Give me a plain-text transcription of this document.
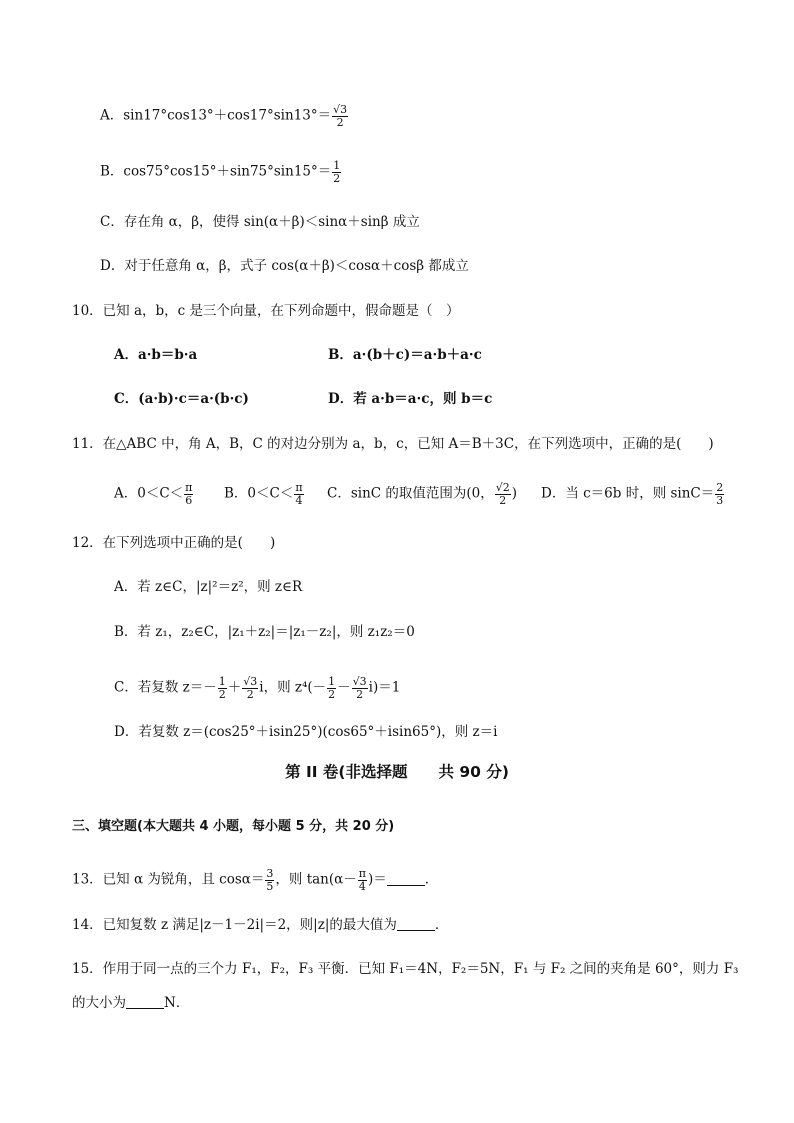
A．$\sin 17^\circ\cos 13^\circ+\cos 17^\circ\sin 13^\circ= \frac{√3}{2}$
B．$\cos 75^\circ\cos 15^\circ+\sin 75^\circ\sin 15^\circ= \frac{1}{2}$
C．存在角 α，β，使得 sin(α＋β)＜sinα＋sinβ 成立
D．对于任意角 α，β，式子 cos(α＋β)＜cosα＋cosβ 都成立
10．已知 a，b，c 是三个向量，在下列命题中，假命题是（　）
A．a·b＝b·a	B．a·(b＋c)＝a·b＋a·c
C．(a·b)·c＝a·(b·c)	D．若 a·b＝a·c，则 b＝c
11．在△ABC 中，角 A，B，C 的对边分别为 a，b，c，已知 A＝B＋3C，在下列选项中，正确的是(　　)
A．$0<C< \frac{\pi}{6}$ B．$0<C< \frac{\pi}{4}$ C．sinC 的取值范围为(0， $\frac{√2}{2}$ ) D．当 c＝6b 时，则 $\sin C= \frac{2}{3}$
12．在下列选项中正确的是(　　)
A．若 z∈C，|z|²＝z²，则 z∈R
B．若 z₁，z₂∈C，|z₁＋z₂|＝|z₁－z₂|，则 z₁z₂＝0
C．若复数 $z=- \frac{1}{2} + \frac{√3}{2}$ i，则 $z^4(- \frac{1}{2} - \frac{√3}{2} i)=1$
D．若复数 z＝(cos25°＋isin25°)(cos65°＋isin65°)，则 z＝i
第 II 卷(非选择题　　共 90 分)
三、填空题(本大题共 4 小题，每小题 5 分，共 20 分)
13．已知 α 为锐角，且 $\cos\alpha= \frac{3}{5}$ ，则 $\tan(\alpha- \frac{\pi}{4}$ )＝	．
14．已知复数 z 满足|z－1－2i|＝2，则|z|的最大值为	．
15．作用于同一点的三个力 F₁，F₂，F₃ 平衡．已知 F₁＝4N，F₂＝5N，F₁ 与 F₂ 之间的夹角是 60°，则力 F₃
的大小为	N．
